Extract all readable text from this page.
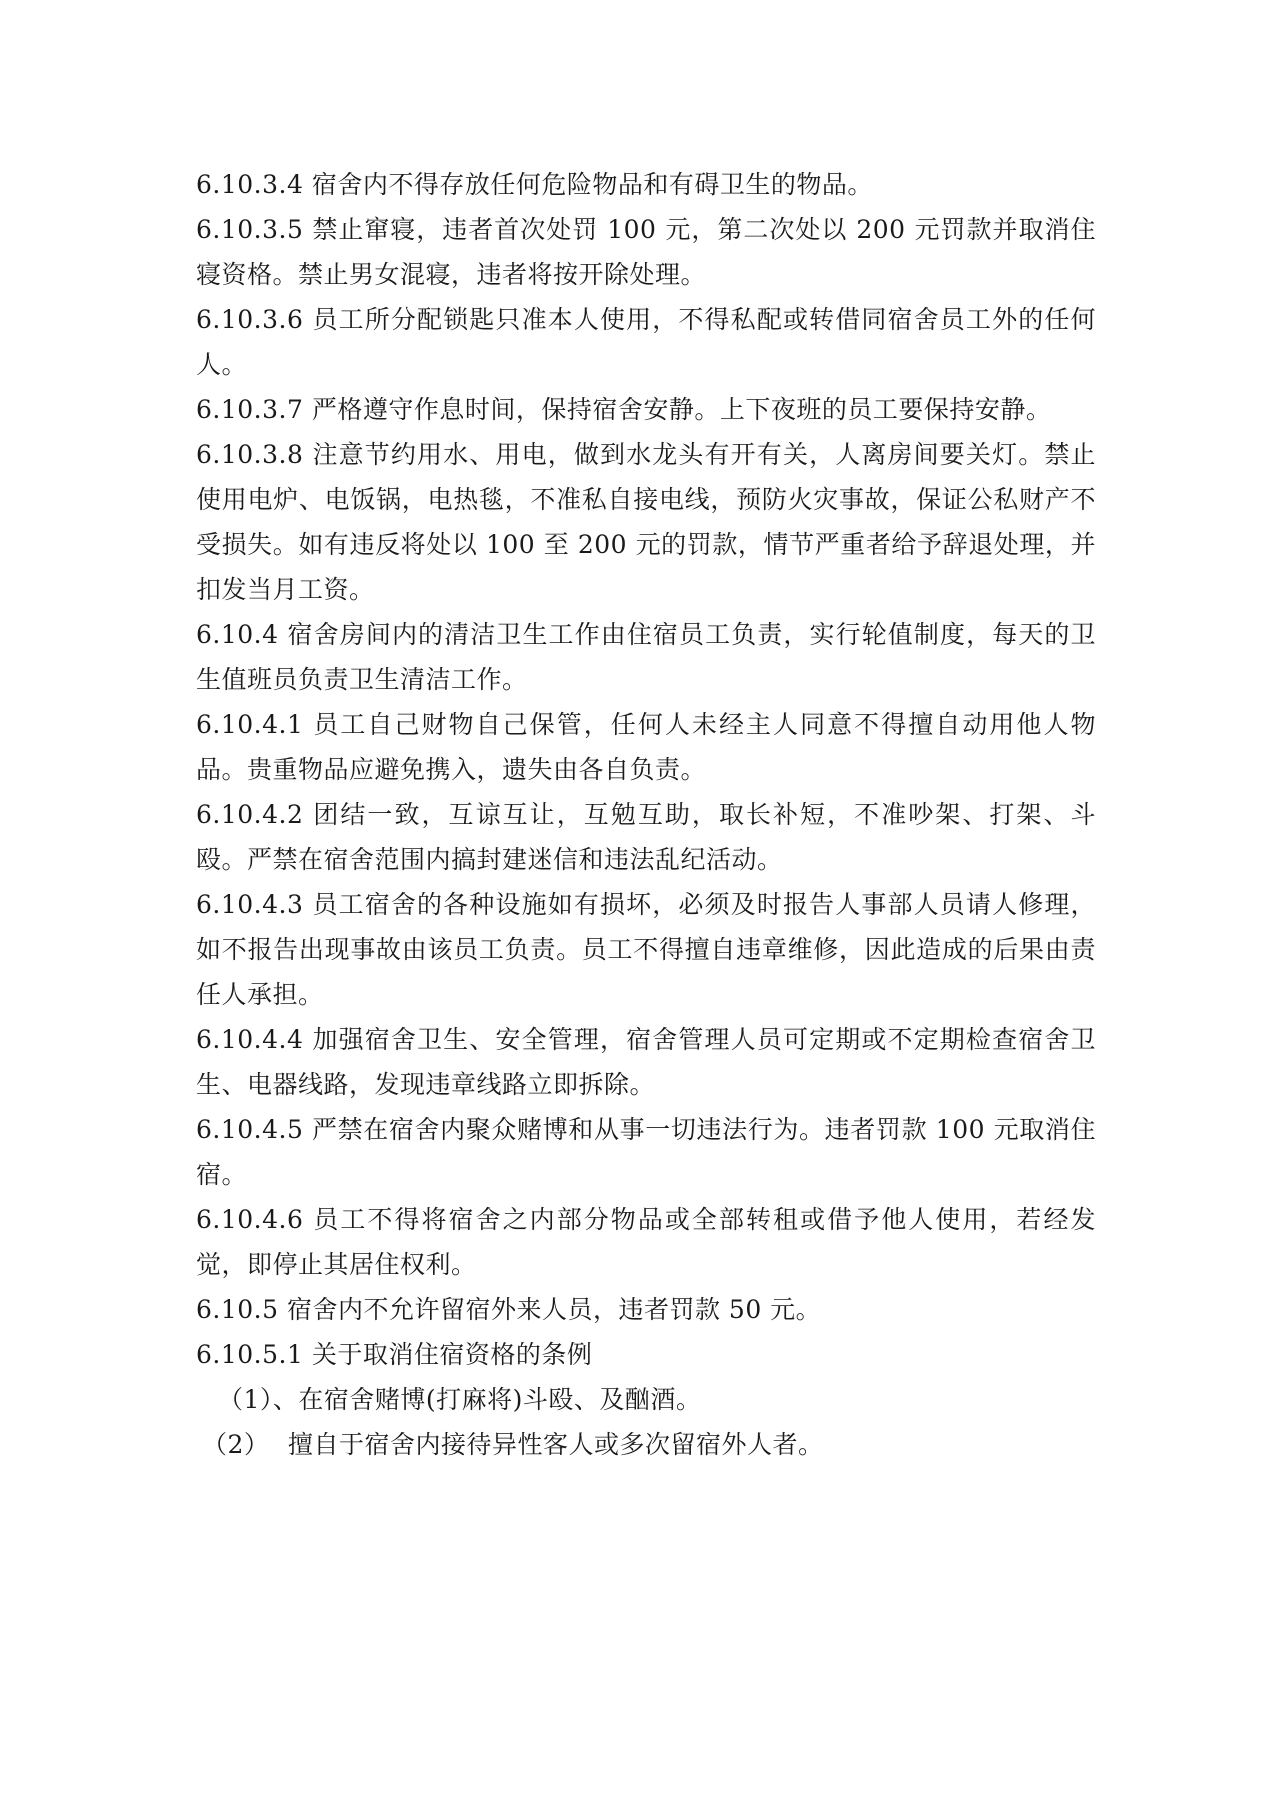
6.10.3.4 宿舍内不得存放任何危险物品和有碍卫生的物品。

6.10.3.5 禁止窜寝，违者首次处罚 100 元，第二次处以 200 元罚款并取消住寝资格。禁止男女混寝，违者将按开除处理。

6.10.3.6 员工所分配锁匙只准本人使用，不得私配或转借同宿舍员工外的任何人。

6.10.3.7 严格遵守作息时间，保持宿舍安静。上下夜班的员工要保持安静。

6.10.3.8 注意节约用水、用电，做到水龙头有开有关，人离房间要关灯。禁止使用电炉、电饭锅，电热毯，不准私自接电线，预防火灾事故，保证公私财产不受损失。如有违反将处以 100 至 200 元的罚款，情节严重者给予辞退处理，并扣发当月工资。

6.10.4 宿舍房间内的清洁卫生工作由住宿员工负责，实行轮值制度，每天的卫生值班员负责卫生清洁工作。

6.10.4.1 员工自己财物自己保管，任何人未经主人同意不得擅自动用他人物品。贵重物品应避免携入，遗失由各自负责。

6.10.4.2 团结一致，互谅互让，互勉互助，取长补短，不准吵架、打架、斗殴。严禁在宿舍范围内搞封建迷信和违法乱纪活动。

6.10.4.3 员工宿舍的各种设施如有损坏，必须及时报告人事部人员请人修理，如不报告出现事故由该员工负责。员工不得擅自违章维修，因此造成的后果由责任人承担。

6.10.4.4 加强宿舍卫生、安全管理，宿舍管理人员可定期或不定期检查宿舍卫生、电器线路，发现违章线路立即拆除。

6.10.4.5 严禁在宿舍内聚众赌博和从事一切违法行为。违者罚款 100 元取消住宿。

6.10.4.6 员工不得将宿舍之内部分物品或全部转租或借予他人使用，若经发觉，即停止其居住权利。

6.10.5 宿舍内不允许留宿外来人员，违者罚款 50 元。

6.10.5.1 关于取消住宿资格的条例

（1）、在宿舍赌博(打麻将)斗殴、及酗酒。

（2） 擅自于宿舍内接待异性客人或多次留宿外人者。
